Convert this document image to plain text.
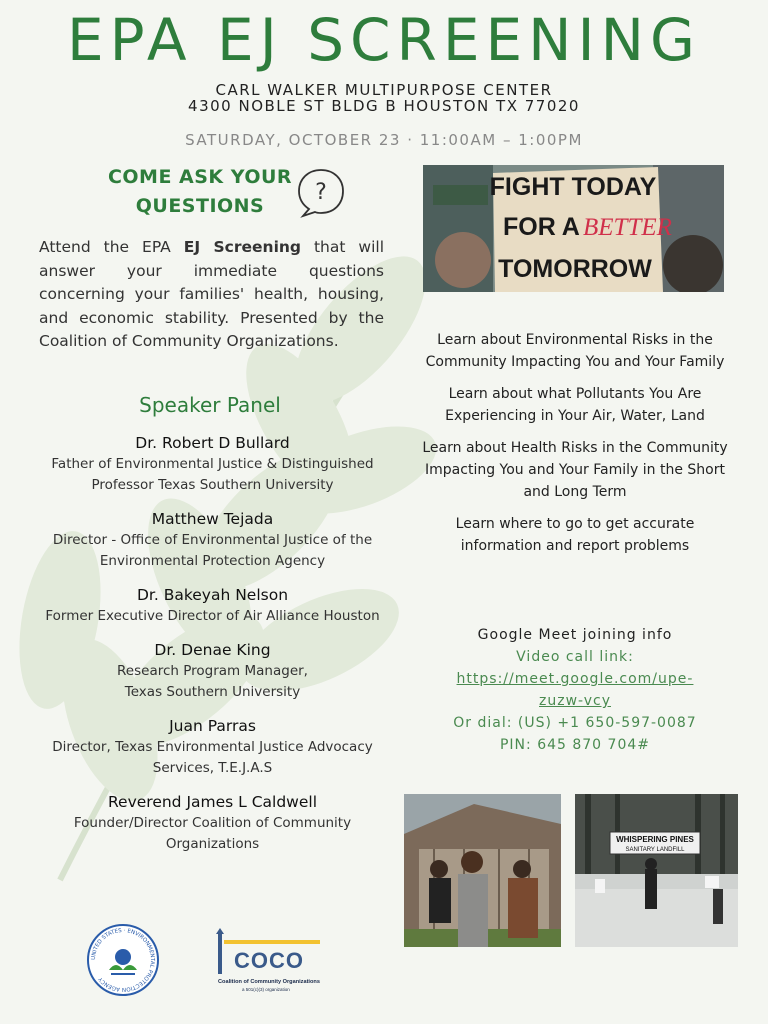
EPA EJ SCREENING
CARL WALKER MULTIPURPOSE CENTER
4300 NOBLE ST BLDG B HOUSTON TX 77020
SATURDAY, OCTOBER 23 · 11:00AM – 1:00PM
COME ASK YOUR
QUESTIONS
?
Attend the EPA EJ Screening that will answer your immediate questions concerning your families' health, housing, and economic stability. Presented by the Coalition of Community Organizations.
Speaker Panel
Dr. Robert D Bullard
Father of Environmental Justice & Distinguished Professor Texas Southern University
Matthew Tejada
Director - Office of Environmental Justice of the Environmental Protection Agency
Dr. Bakeyah Nelson
Former Executive Director of Air Alliance Houston
Dr. Denae King
Research Program Manager,
Texas Southern University
Juan Parras
Director, Texas Environmental Justice Advocacy Services, T.E.J.A.S
Reverend James L Caldwell
Founder/Director Coalition of Community Organizations
FIGHT TODAY
FOR A BETTER
TOMORROW
Learn about Environmental Risks in the Community Impacting You and Your Family
Learn about what Pollutants You Are Experiencing in Your Air, Water, Land
Learn about Health Risks in the Community Impacting You and Your Family in the Short and Long Term
Learn where to go to get accurate information and report problems
Google Meet joining info
Video call link:
https://meet.google.com/upe-
zuzw-vcy
Or dial: (US) +1 650-597-0087
PIN: 645 870 704#
WHISPERING PINES
SANITARY LANDFILL
UNITED STATES · ENVIRONMENTAL PROTECTION AGENCY
COCO
Coalition of Community Organizations
a 501(c)(3) organization
